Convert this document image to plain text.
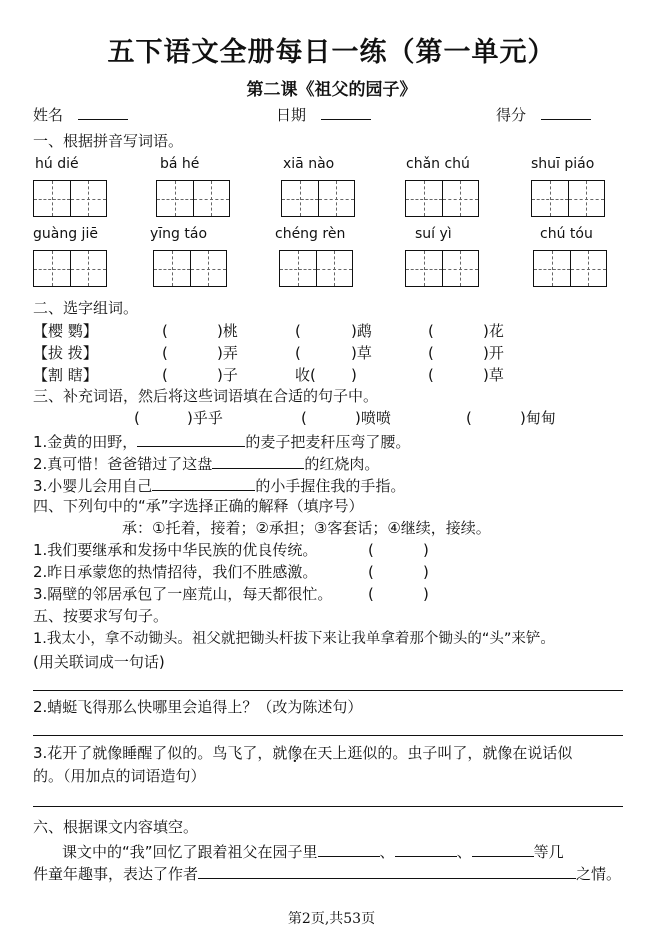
五下语文全册每日一练（第一单元）
第二课《祖父的园子》
姓名	日期	得分
一、根据拼音写词语。
hú dié	bá hé	xiā nào	chǎn chú	shuī piáo
guàng jiē	yīng táo	chéng rèn	suí yì	chú tóu
二、选字组词。
【樱 鹦】	(	)桃	(	)鹉	(	)花
【拔 拨】	(	)弄	(	)草	(	)开
【割 瞎】	(	)子	收( )	(	)草
三、补充词语，然后将这些词语填在合适的句子中。
(	)乎乎	(	)喷喷	(	)甸甸
1.金黄的田野，	的麦子把麦秆压弯了腰。
2.真可惜！爸爸错过了这盘	的红烧肉。
3.小婴儿会用自己	的小手握住我的手指。
四、下列句中的“承”字选择正确的解释（填序号）
承：①托着，接着；②承担；③客套话；④继续，接续。
1.我们要继承和发扬中华民族的优良传统。	(	)
2.昨日承蒙您的热情招待，我们不胜感激。	(	)
3.隔壁的邻居承包了一座荒山，每天都很忙。 (	)
五、按要求写句子。
1.我太小，拿不动锄头。祖父就把锄头杆拔下来让我单拿着那个锄头的“头”来铲。
(用关联词成一句话)
2.蜻蜓飞得那么快哪里会追得上？（改为陈述句）
3.花开了就像睡醒了似的。鸟飞了，就像在天上逛似的。虫子叫了，就像在说话似
的。（用加点的词语造句）
六、根据课文内容填空。
课文中的“我”回忆了跟着祖父在园子里	、	、	等几
件童年趣事，表达了作者	之情。
第2页,共53页
